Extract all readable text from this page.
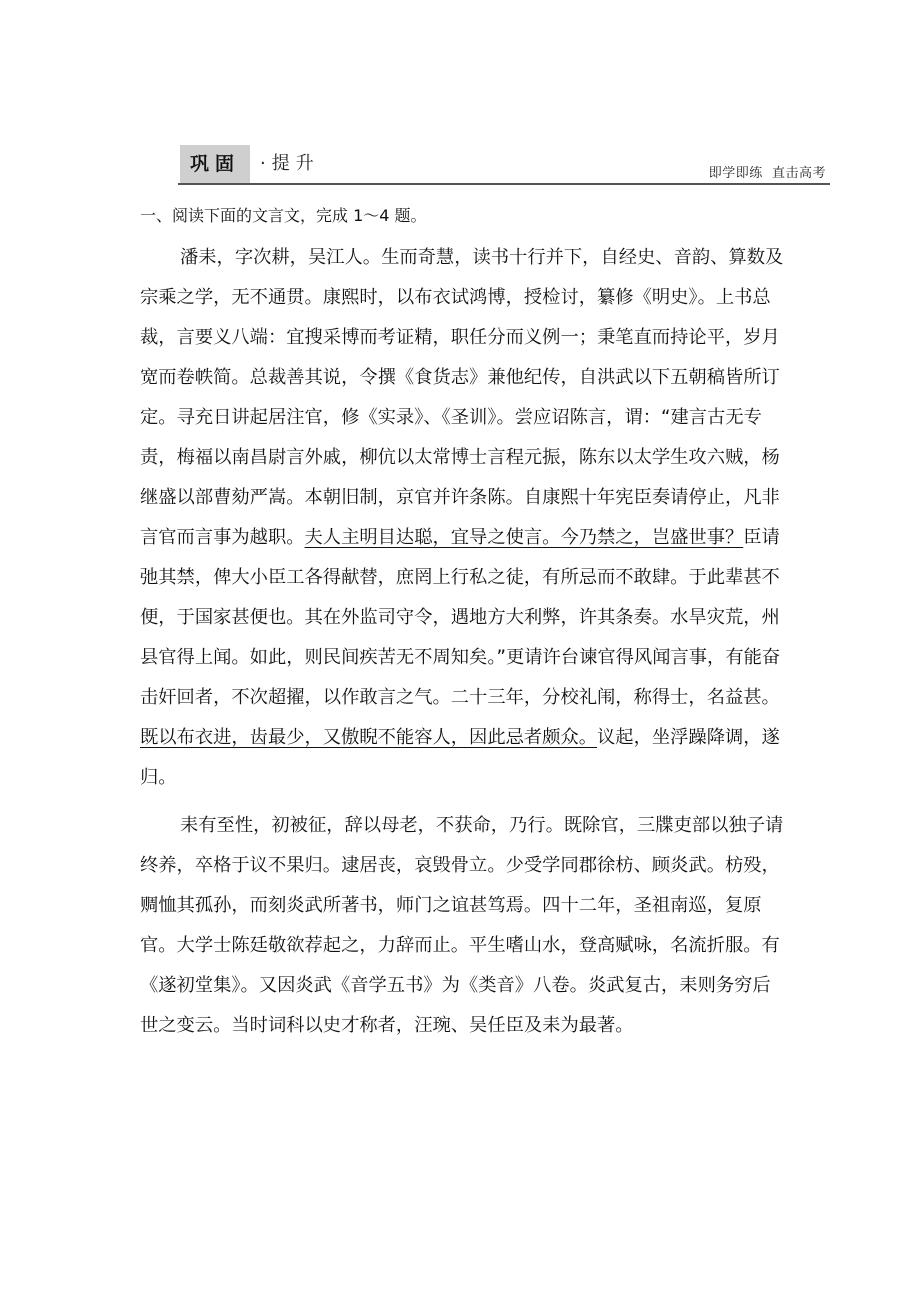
巩固	·提升	即学即练  直击高考
一、阅读下面的文言文，完成 1～4 题。

潘耒，字次耕，吴江人。生而奇慧，读书十行并下，自经史、音韵、算数及宗乘之学，无不通贯。康熙时，以布衣试鸿博，授检讨，纂修《明史》。上书总裁，言要义八端：宜搜采博而考证精，职任分而义例一；秉笔直而持论平，岁月宽而卷帙简。总裁善其说，令撰《食货志》兼他纪传，自洪武以下五朝稿皆所订定。寻充日讲起居注官，修《实录》、《圣训》。尝应诏陈言，谓：“建言古无专责，梅福以南昌尉言外戚，柳伉以太常博士言程元振，陈东以太学生攻六贼，杨继盛以部曹劾严嵩。本朝旧制，京官并许条陈。自康熙十年宪臣奏请停止，凡非言官而言事为越职。夫人主明目达聪，宜导之使言。今乃禁之，岂盛世事？臣请弛其禁，俾大小臣工各得献替，庶罔上行私之徒，有所忌而不敢肆。于此辈甚不便，于国家甚便也。其在外监司守令，遇地方大利弊，许其条奏。水旱灾荒，州县官得上闻。如此，则民间疾苦无不周知矣。”更请许台谏官得风闻言事，有能奋击奸回者，不次超擢，以作敢言之气。二十三年，分校礼闱，称得士，名益甚。既以布衣进，齿最少，又傲睨不能容人，因此忌者颇众。议起，坐浮躁降调，遂归。

耒有至性，初被征，辞以母老，不获命，乃行。既除官，三牒吏部以独子请终养，卒格于议不果归。逮居丧，哀毁骨立。少受学同郡徐枋、顾炎武。枋殁，赒恤其孤孙，而刻炎武所著书，师门之谊甚笃焉。四十二年，圣祖南巡，复原官。大学士陈廷敬欲荐起之，力辞而止。平生嗜山水，登高赋咏，名流折服。有《遂初堂集》。又因炎武《音学五书》为《类音》八卷。炎武复古，耒则务穷后世之变云。当时词科以史才称者，汪琬、吴任臣及耒为最著。
